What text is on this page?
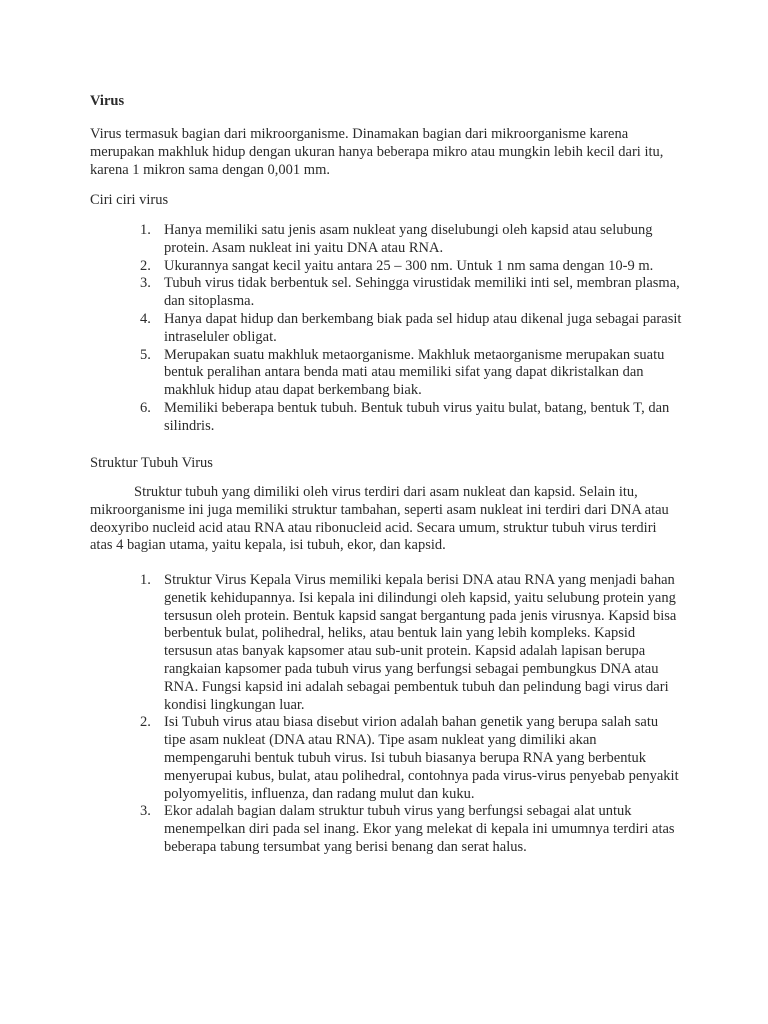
Virus

Virus termasuk bagian dari mikroorganisme. Dinamakan bagian dari mikroorganisme karena merupakan makhluk hidup dengan ukuran hanya beberapa mikro atau mungkin lebih kecil dari itu, karena 1 mikron sama dengan 0,001 mm.

Ciri ciri virus

1. Hanya memiliki satu jenis asam nukleat yang diselubungi oleh kapsid atau selubung protein. Asam nukleat ini yaitu DNA atau RNA.
2. Ukurannya sangat kecil yaitu antara 25 – 300 nm. Untuk 1 nm sama dengan 10-9 m.
3. Tubuh virus tidak berbentuk sel. Sehingga virustidak memiliki inti sel, membran plasma, dan sitoplasma.
4. Hanya dapat hidup dan berkembang biak pada sel hidup atau dikenal juga sebagai parasit intraseluler obligat.
5. Merupakan suatu makhluk metaorganisme. Makhluk metaorganisme merupakan suatu bentuk peralihan antara benda mati atau memiliki sifat yang dapat dikristalkan dan makhluk hidup atau dapat berkembang biak.
6. Memiliki beberapa bentuk tubuh. Bentuk tubuh virus yaitu bulat, batang, bentuk T, dan silindris.

Struktur Tubuh Virus

Struktur tubuh yang dimiliki oleh virus terdiri dari asam nukleat dan kapsid. Selain itu, mikroorganisme ini juga memiliki struktur tambahan, seperti asam nukleat ini terdiri dari DNA atau deoxyribo nucleid acid atau RNA atau ribonucleid acid. Secara umum, struktur tubuh virus terdiri atas 4 bagian utama, yaitu kepala, isi tubuh, ekor, dan kapsid.

1. Struktur Virus Kepala Virus memiliki kepala berisi DNA atau RNA yang menjadi bahan genetik kehidupannya. Isi kepala ini dilindungi oleh kapsid, yaitu selubung protein yang tersusun oleh protein. Bentuk kapsid sangat bergantung pada jenis virusnya. Kapsid bisa berbentuk bulat, polihedral, heliks, atau bentuk lain yang lebih kompleks. Kapsid tersusun atas banyak kapsomer atau sub-unit protein. Kapsid adalah lapisan berupa rangkaian kapsomer pada tubuh virus yang berfungsi sebagai pembungkus DNA atau RNA. Fungsi kapsid ini adalah sebagai pembentuk tubuh dan pelindung bagi virus dari kondisi lingkungan luar.
2. Isi Tubuh virus atau biasa disebut virion adalah bahan genetik yang berupa salah satu tipe asam nukleat (DNA atau RNA). Tipe asam nukleat yang dimiliki akan mempengaruhi bentuk tubuh virus. Isi tubuh biasanya berupa RNA yang berbentuk menyerupai kubus, bulat, atau polihedral, contohnya pada virus-virus penyebab penyakit polyomyelitis, influenza, dan radang mulut dan kuku.
3. Ekor adalah bagian dalam struktur tubuh virus yang berfungsi sebagai alat untuk menempelkan diri pada sel inang. Ekor yang melekat di kepala ini umumnya terdiri atas beberapa tabung tersumbat yang berisi benang dan serat halus.
